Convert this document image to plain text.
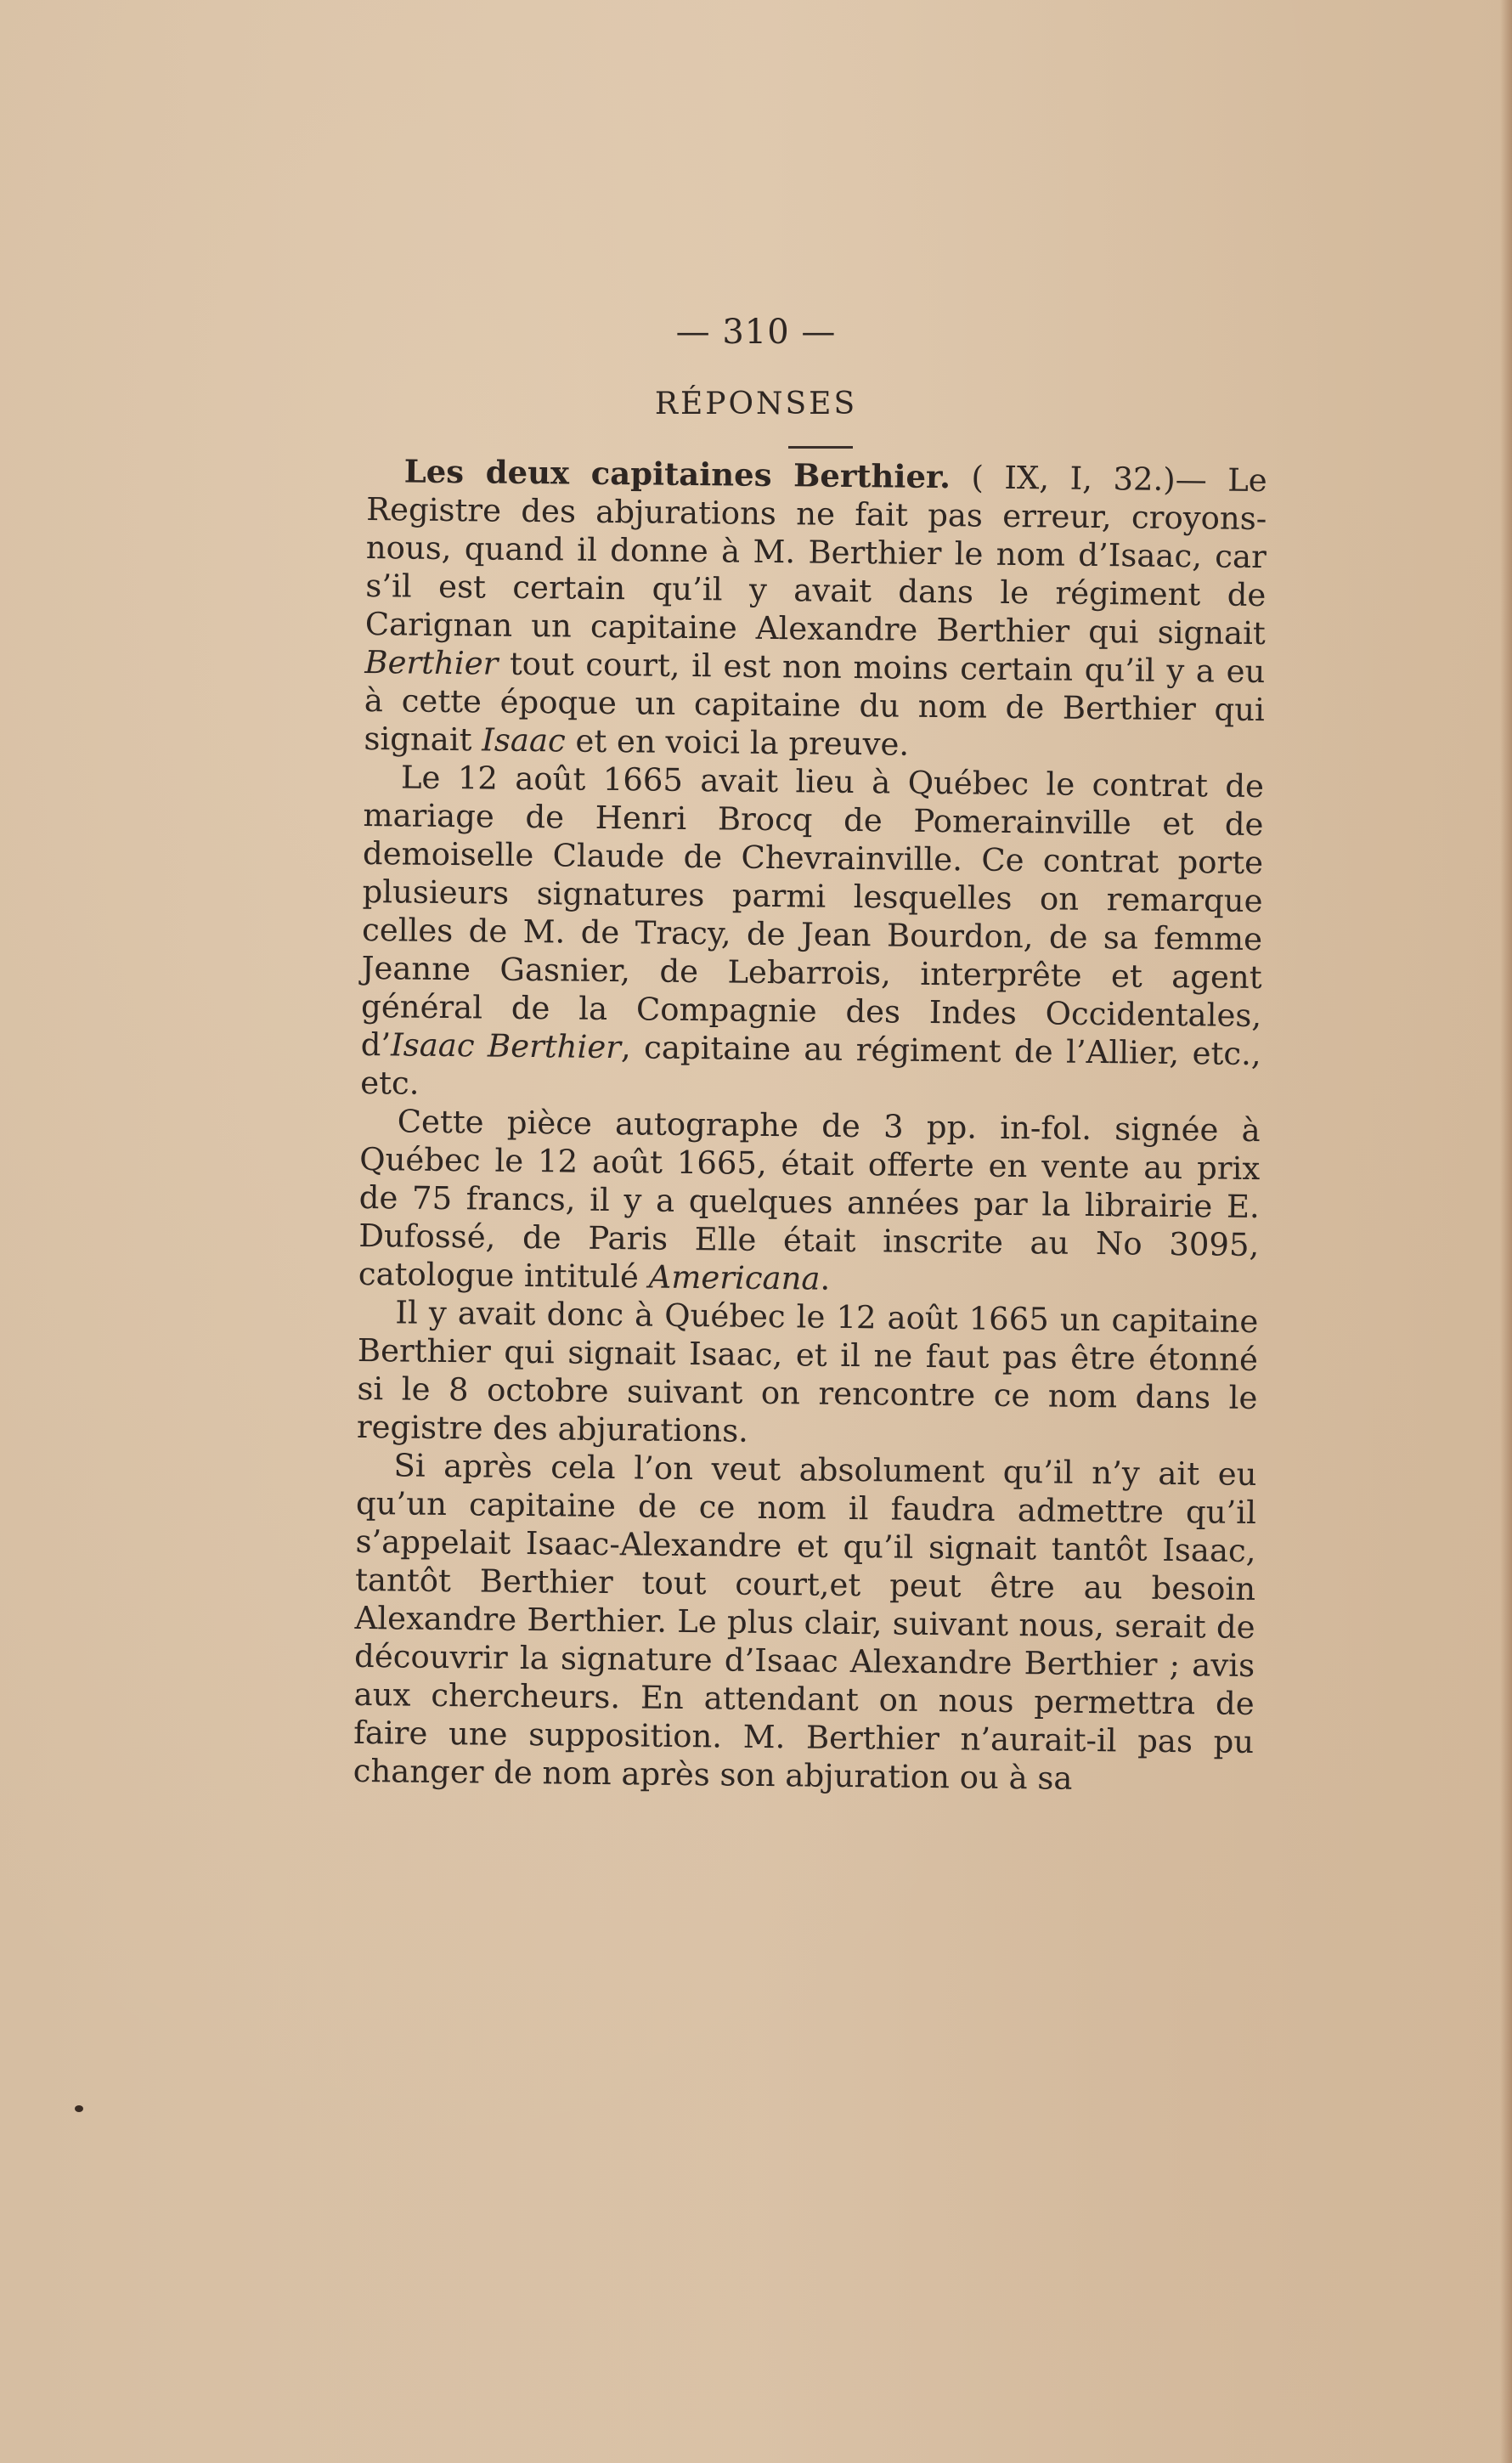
— 310 —
RÉPONSES

Les deux capitaines Berthier. ( IX, I, 32.)— Le Registre des abjurations ne fait pas erreur, croyons-nous, quand il donne à M. Berthier le nom d’Isaac, car s’il est certain qu’il y avait dans le régiment de Carignan un capitaine Alexandre Berthier qui signait Berthier tout court, il est non moins certain qu’il y a eu à cette époque un capitaine du nom de Berthier qui signait Isaac et en voici la preuve.

Le 12 août 1665 avait lieu à Québec le contrat de mariage de Henri Brocq de Pomerainville et de demoiselle Claude de Chevrainville. Ce contrat porte plusieurs signatures parmi lesquelles on remarque celles de M. de Tracy, de Jean Bourdon, de sa femme Jeanne Gasnier, de Lebarrois, interprête et agent général de la Compagnie des Indes Occidentales, d’Isaac Berthier, capitaine au régiment de l’Allier, etc., etc.

Cette pièce autographe de 3 pp. in-fol. signée à Québec le 12 août 1665, était offerte en vente au prix de 75 francs, il y a quelques années par la librairie E. Dufossé, de Paris Elle était inscrite au No 3095, catologue intitulé Americana.

Il y avait donc à Québec le 12 août 1665 un capitaine Berthier qui signait Isaac, et il ne faut pas être étonné si le 8 octobre suivant on rencontre ce nom dans le registre des abjurations.

Si après cela l’on veut absolument qu’il n’y ait eu qu’un capitaine de ce nom il faudra admettre qu’il s’appelait Isaac-Alexandre et qu’il signait tantôt Isaac, tantôt Berthier tout court,et peut être au besoin Alexandre Berthier. Le plus clair, suivant nous, serait de découvrir la signature d’Isaac Alexandre Berthier ; avis aux chercheurs. En attendant on nous permettra de faire une supposition. M. Berthier n’aurait-il pas pu changer de nom après son abjuration ou à sa
